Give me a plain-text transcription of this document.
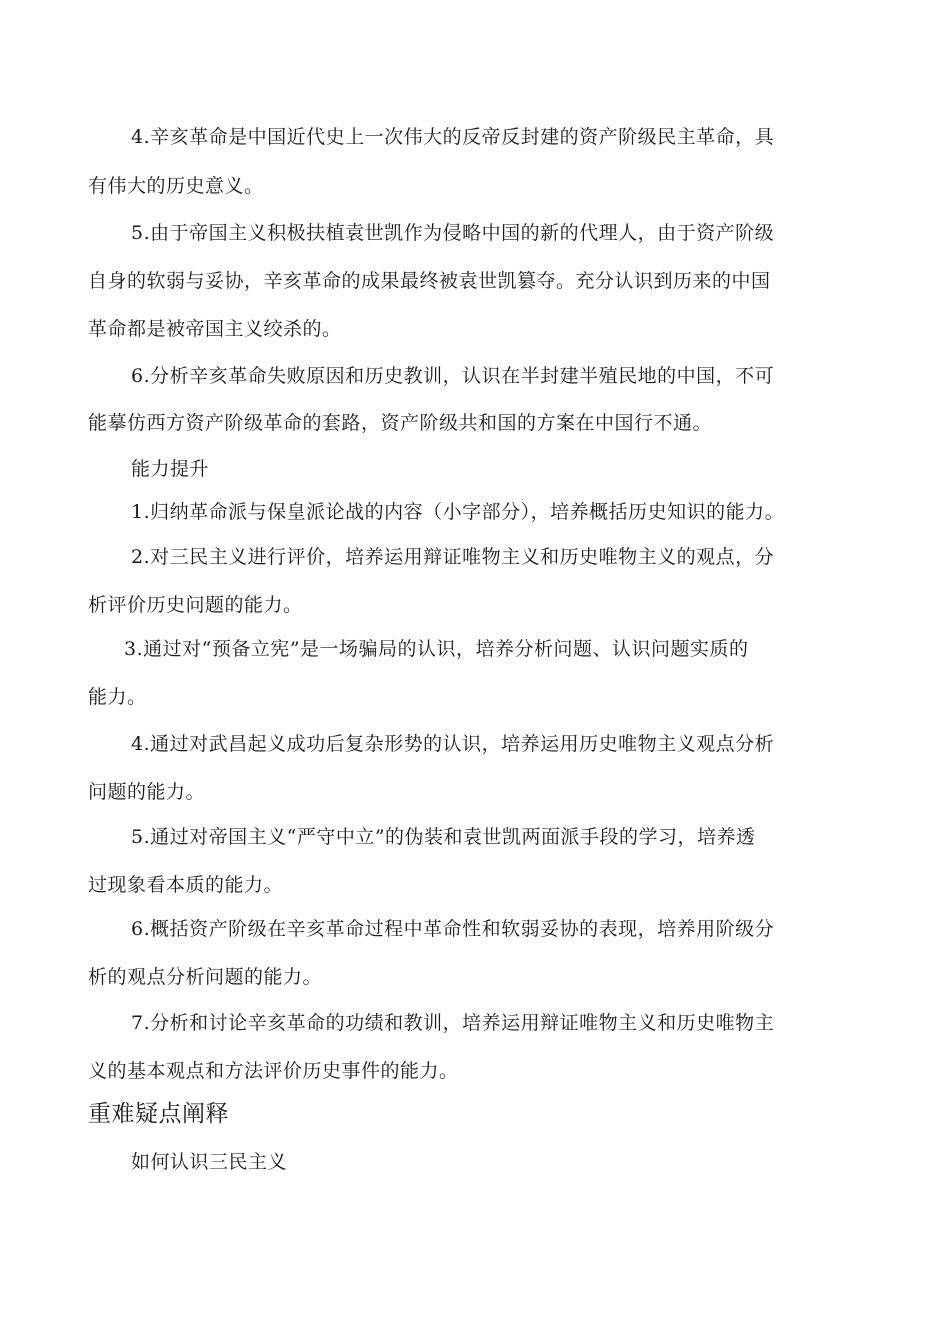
4.辛亥革命是中国近代史上一次伟大的反帝反封建的资产阶级民主革命，具
有伟大的历史意义。
5.由于帝国主义积极扶植袁世凯作为侵略中国的新的代理人，由于资产阶级
自身的软弱与妥协，辛亥革命的成果最终被袁世凯篡夺。充分认识到历来的中国
革命都是被帝国主义绞杀的。
6.分析辛亥革命失败原因和历史教训，认识在半封建半殖民地的中国，不可
能摹仿西方资产阶级革命的套路，资产阶级共和国的方案在中国行不通。
能力提升
1.归纳革命派与保皇派论战的内容（小字部分），培养概括历史知识的能力。
2.对三民主义进行评价，培养运用辩证唯物主义和历史唯物主义的观点，分
析评价历史问题的能力。
3.通过对“预备立宪”是一场骗局的认识，培养分析问题、认识问题实质的
能力。
4.通过对武昌起义成功后复杂形势的认识，培养运用历史唯物主义观点分析
问题的能力。
5.通过对帝国主义“严守中立”的伪装和袁世凯两面派手段的学习，培养透
过现象看本质的能力。
6.概括资产阶级在辛亥革命过程中革命性和软弱妥协的表现，培养用阶级分
析的观点分析问题的能力。
7.分析和讨论辛亥革命的功绩和教训，培养运用辩证唯物主义和历史唯物主
义的基本观点和方法评价历史事件的能力。
重难疑点阐释
如何认识三民主义
